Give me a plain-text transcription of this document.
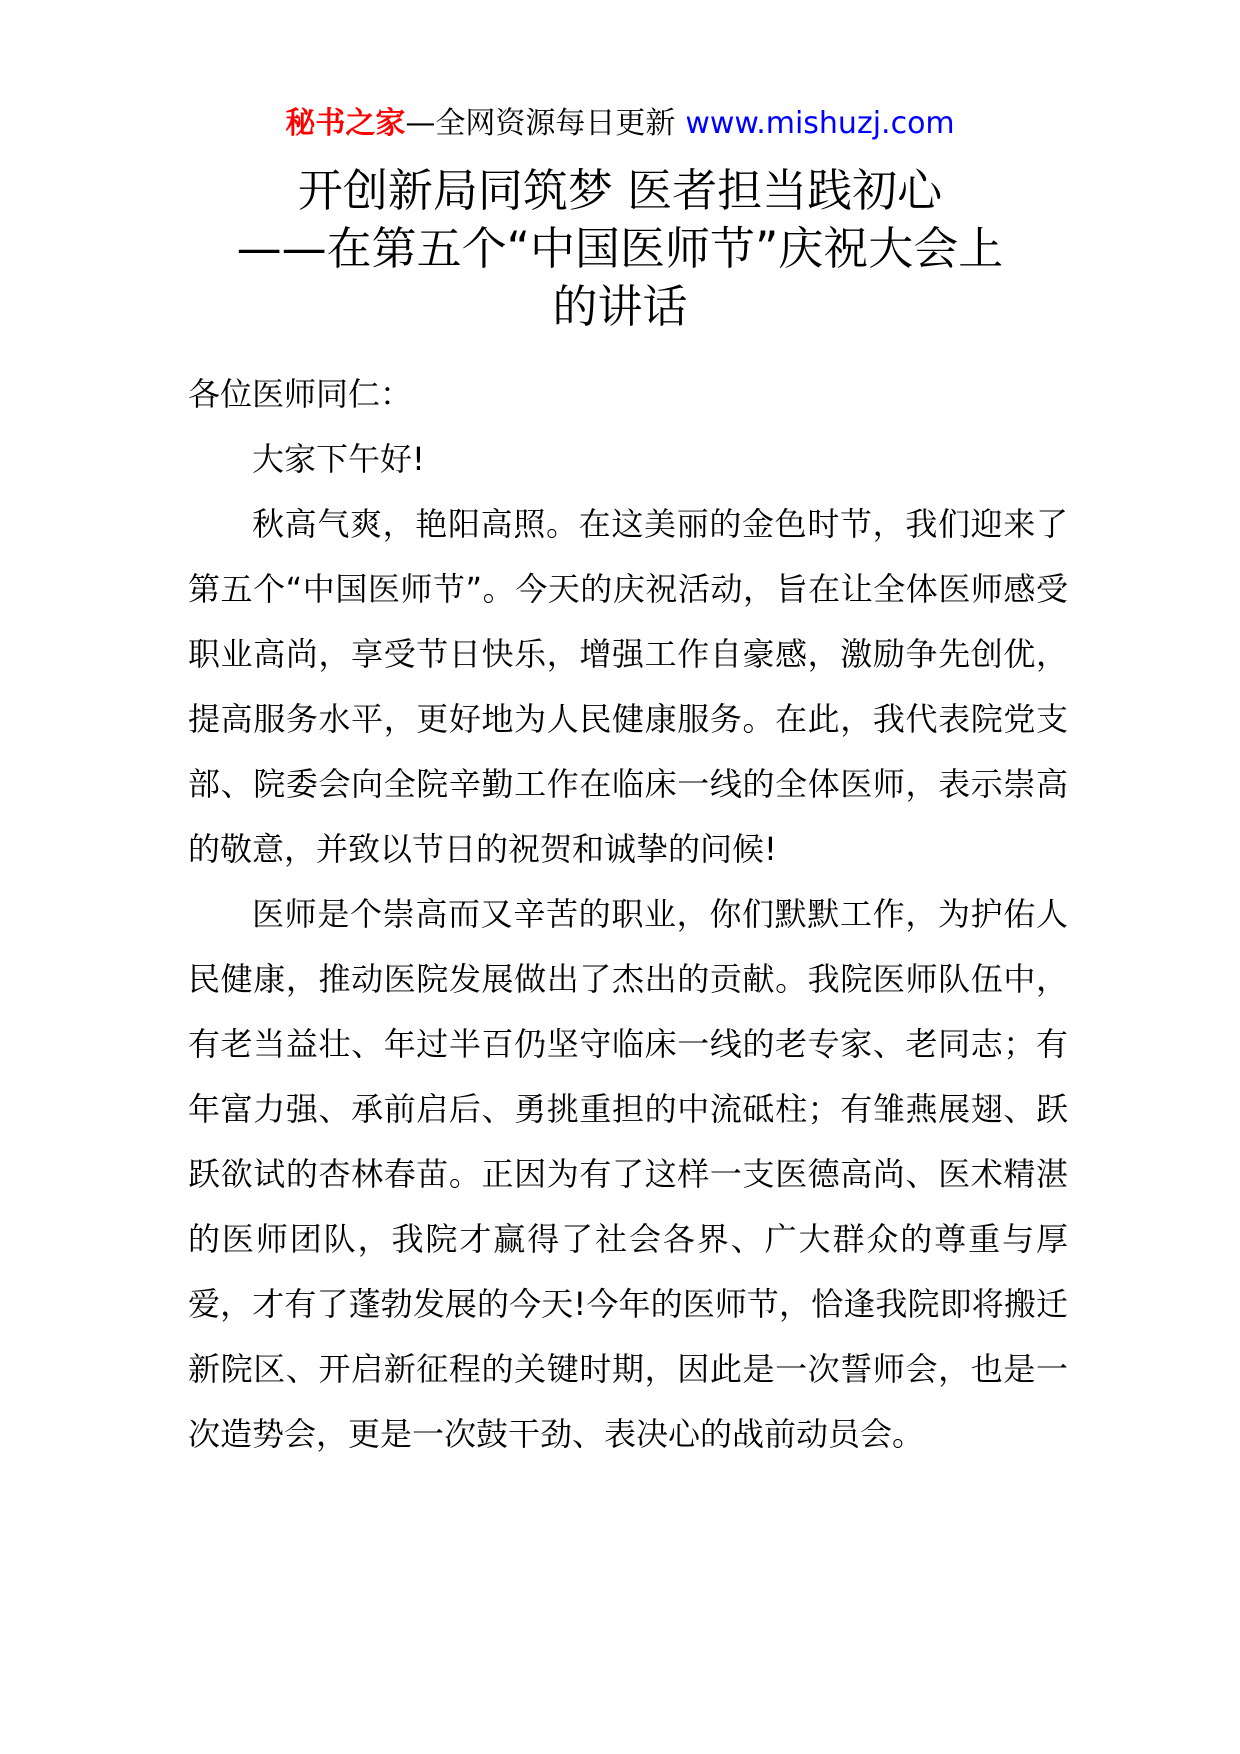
秘书之家—全网资源每日更新 www.mishuzj.com
开创新局同筑梦 医者担当践初心
——在第五个“中国医师节”庆祝大会上
的讲话

各位医师同仁：

大家下午好!

秋高气爽，艳阳高照。在这美丽的金色时节，我们迎来了第五个“中国医师节”。今天的庆祝活动，旨在让全体医师感受职业高尚，享受节日快乐，增强工作自豪感，激励争先创优，提高服务水平，更好地为人民健康服务。在此，我代表院党支部、院委会向全院辛勤工作在临床一线的全体医师，表示崇高的敬意，并致以节日的祝贺和诚挚的问候!

医师是个崇高而又辛苦的职业，你们默默工作，为护佑人民健康，推动医院发展做出了杰出的贡献。我院医师队伍中，有老当益壮、年过半百仍坚守临床一线的老专家、老同志；有年富力强、承前启后、勇挑重担的中流砥柱；有雏燕展翅、跃跃欲试的杏林春苗。正因为有了这样一支医德高尚、医术精湛的医师团队，我院才赢得了社会各界、广大群众的尊重与厚爱，才有了蓬勃发展的今天!今年的医师节，恰逢我院即将搬迁新院区、开启新征程的关键时期，因此是一次誓师会，也是一次造势会，更是一次鼓干劲、表决心的战前动员会。
